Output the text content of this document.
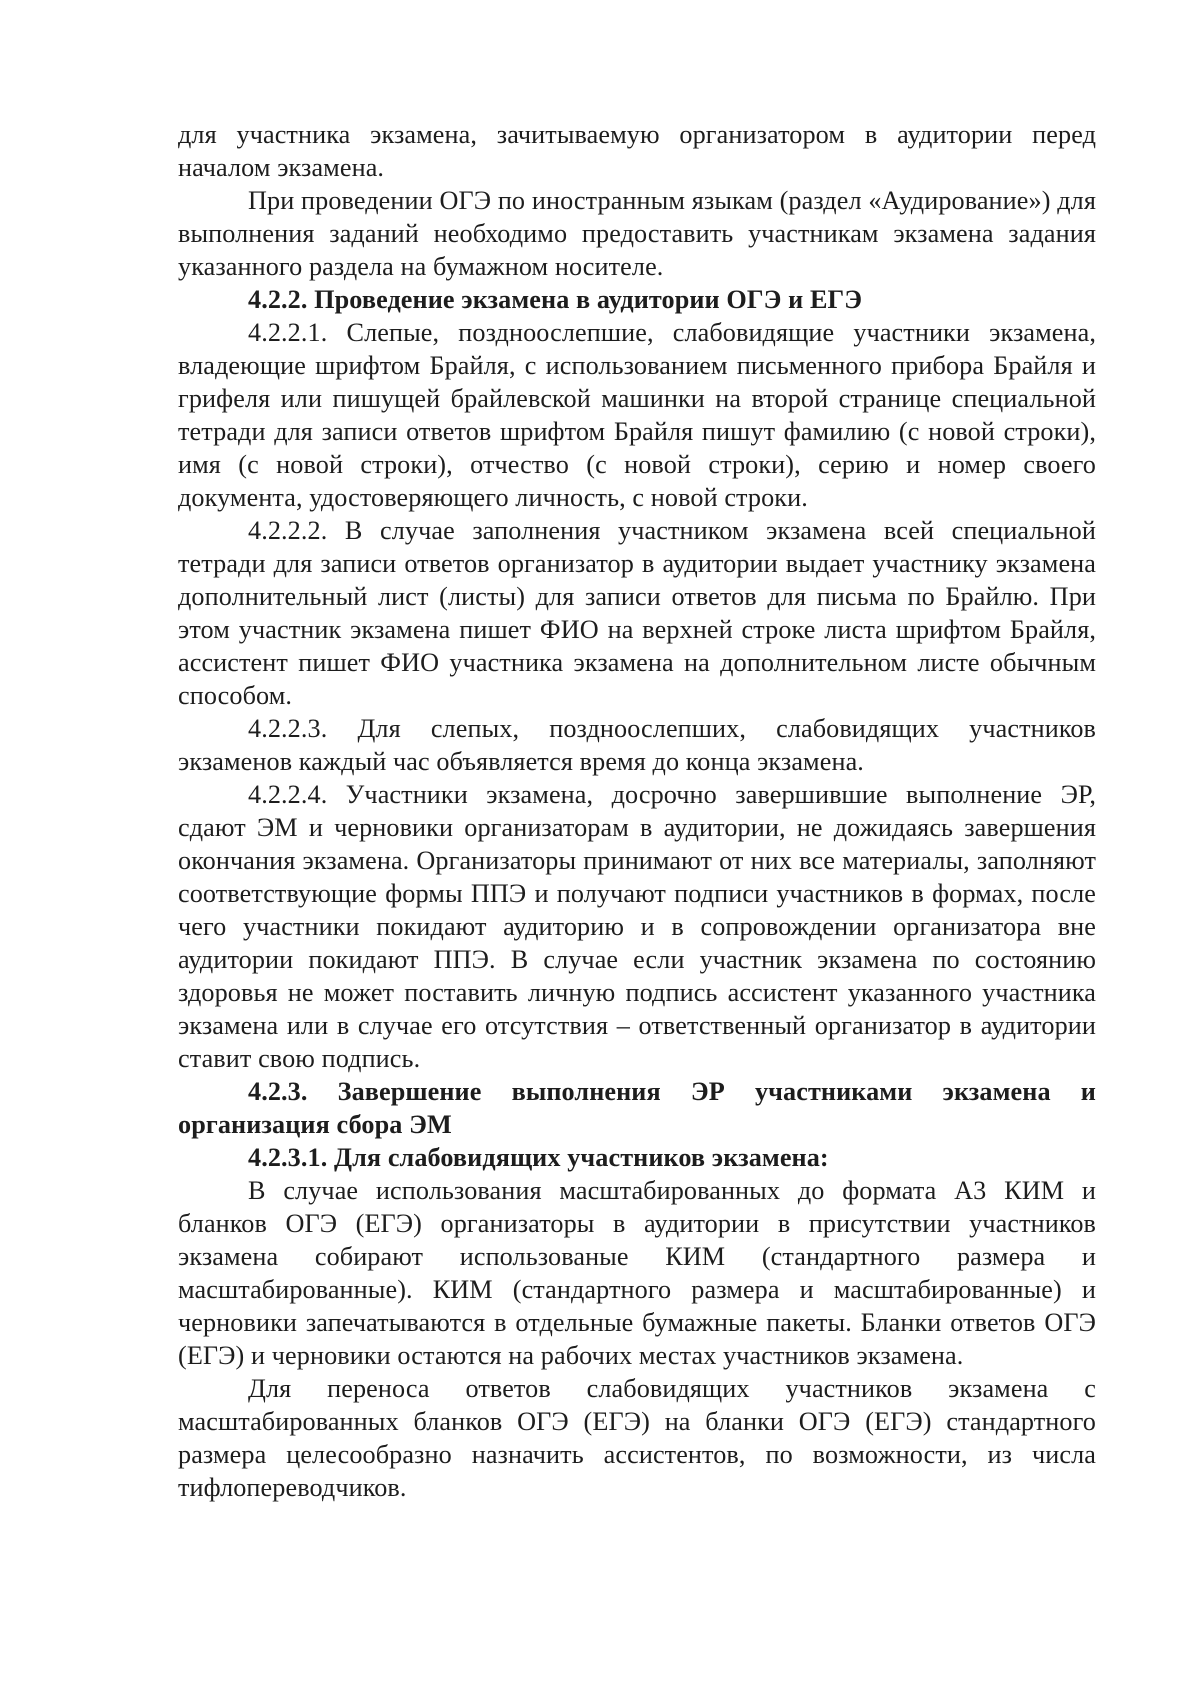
для участника экзамена, зачитываемую организатором в аудитории перед началом экзамена.

При проведении ОГЭ по иностранным языкам (раздел «Аудирование») для выполнения заданий необходимо предоставить участникам экзамена задания указанного раздела на бумажном носителе.

4.2.2. Проведение экзамена в аудитории ОГЭ и ЕГЭ

4.2.2.1. Слепые, поздноослепшие, слабовидящие участники экзамена, владеющие шрифтом Брайля, с использованием письменного прибора Брайля и грифеля или пишущей брайлевской машинки на второй странице специальной тетради для записи ответов шрифтом Брайля пишут фамилию (с новой строки), имя (с новой строки), отчество (с новой строки), серию и номер своего документа, удостоверяющего личность, с новой строки.

4.2.2.2. В случае заполнения участником экзамена всей специальной тетради для записи ответов организатор в аудитории выдает участнику экзамена дополнительный лист (листы) для записи ответов для письма по Брайлю. При этом участник экзамена пишет ФИО на верхней строке листа шрифтом Брайля, ассистент пишет ФИО участника экзамена на дополнительном листе обычным способом.

4.2.2.3. Для слепых, поздноослепших, слабовидящих участников экзаменов каждый час объявляется время до конца экзамена.

4.2.2.4. Участники экзамена, досрочно завершившие выполнение ЭР, сдают ЭМ и черновики организаторам в аудитории, не дожидаясь завершения окончания экзамена. Организаторы принимают от них все материалы, заполняют соответствующие формы ППЭ и получают подписи участников в формах, после чего участники покидают аудиторию и в сопровождении организатора вне аудитории покидают ППЭ. В случае если участник экзамена по состоянию здоровья не может поставить личную подпись ассистент указанного участника экзамена или в случае его отсутствия – ответственный организатор в аудитории ставит свою подпись.

4.2.3. Завершение выполнения ЭР участниками экзамена и организация сбора ЭМ

4.2.3.1. Для слабовидящих участников экзамена:

В случае использования масштабированных до формата А3 КИМ и бланков ОГЭ (ЕГЭ) организаторы в аудитории в присутствии участников экзамена собирают использованые КИМ (стандартного размера и масштабированные). КИМ (стандартного размера и масштабированные) и черновики запечатываются в отдельные бумажные пакеты. Бланки ответов ОГЭ (ЕГЭ) и черновики остаются на рабочих местах участников экзамена.

Для переноса ответов слабовидящих участников экзамена с масштабированных бланков ОГЭ (ЕГЭ) на бланки ОГЭ (ЕГЭ) стандартного размера целесообразно назначить ассистентов, по возможности, из числа тифлопереводчиков.
